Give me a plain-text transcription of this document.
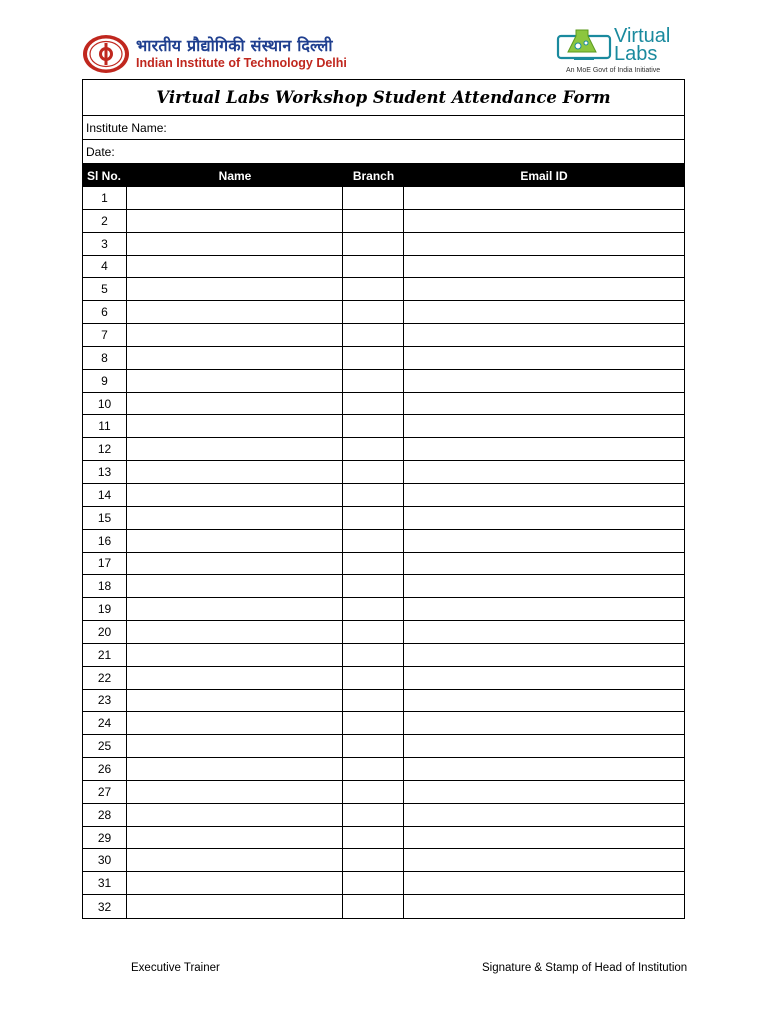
भारतीय प्रौद्योगिकी संस्थान दिल्ली
Indian Institute of Technology Delhi
Virtual
Labs
An MoE Govt of India Initiative
Virtual Labs Workshop Student Attendance Form
Institute Name:
Date:
Sl No.	Name	Branch	Email ID
1
2
3
4
5
6
7
8
9
10
11
12
13
14
15
16
17
18
19
20
21
22
23
24
25
26
27
28
29
30
31
32
Executive Trainer	Signature & Stamp of Head of Institution
